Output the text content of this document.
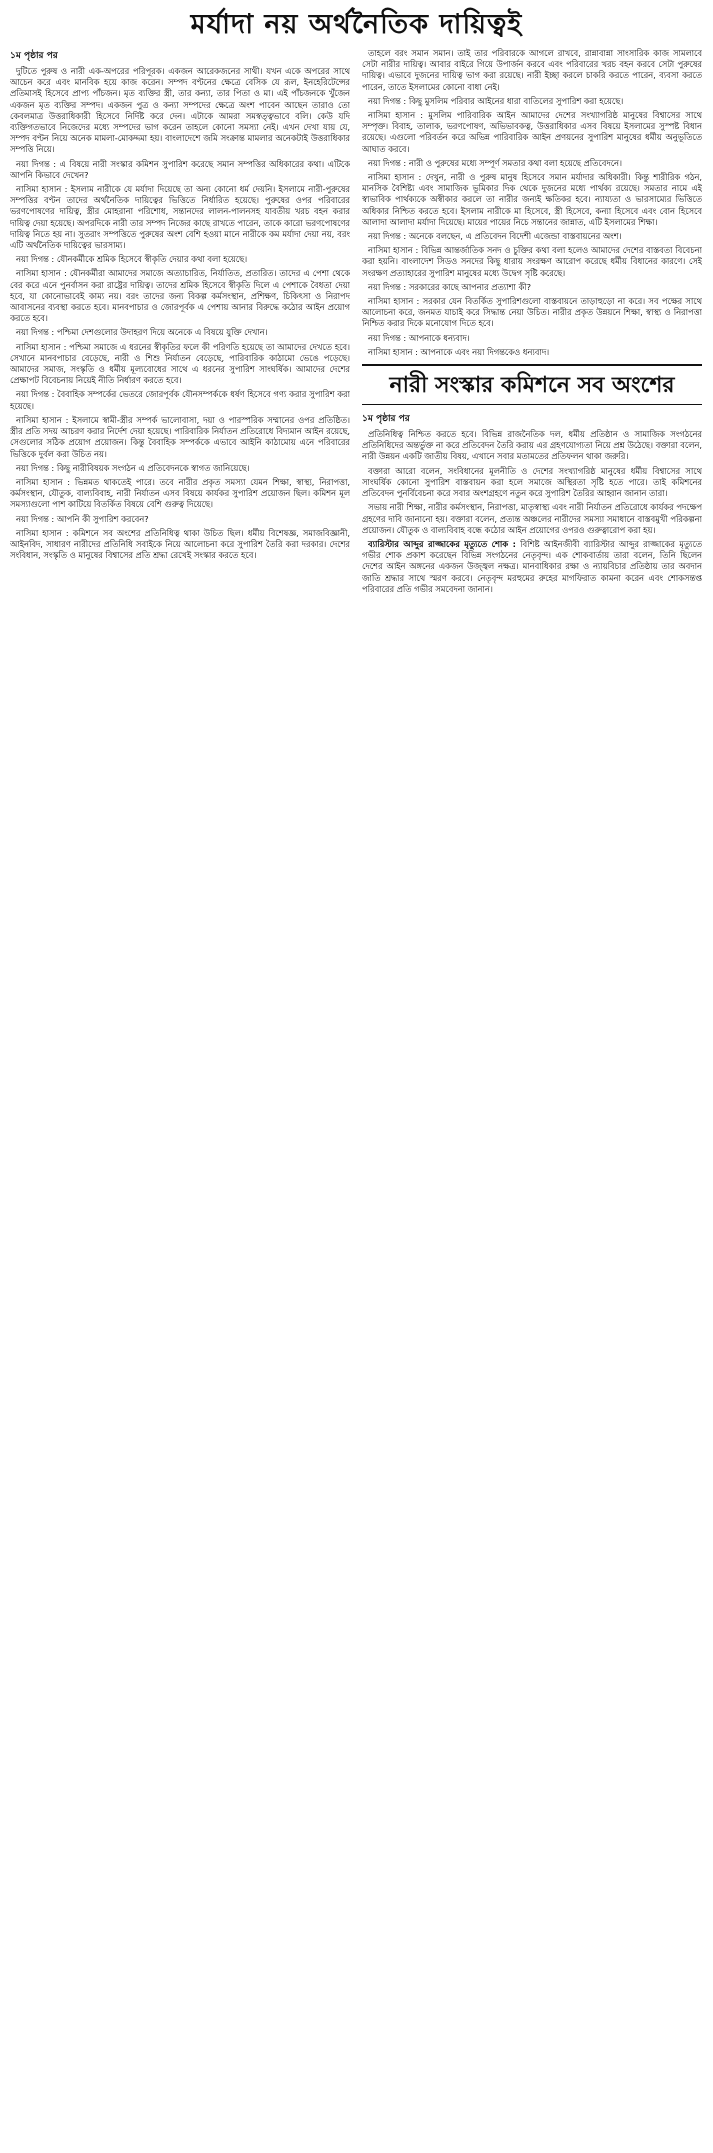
মর্যাদা নয় অর্থনৈতিক দায়িত্বই
১ম পৃষ্ঠার পর

দুটিতে পুরুষ ও নারী এক-অপরের পরিপূরক। একজন আরেকজনের সাথী। যখন একে অপরের সাথে আচেন করে এবং মানবিক হয়ে কাজ করেন। সম্পদ বণ্টনের ক্ষেত্রে বেসিক যে রূল, ইনহেরিটেন্সের প্রতিমাসই হিসেবে প্রাপ্য পাঁচজন। মৃত ব্যক্তির স্ত্রী, তার কন্যা, তার পিতা ও মা। এই পাঁচজনকে খুঁজেন একজন মৃত ব্যক্তির সম্পদ। একজন পুত্র ও কন্যা সম্পদের ক্ষেত্রে অংশ পাবেন আছেন তারাও তো কেবলমাত্র উত্তরাধিকারী হিসেবে নির্দিষ্ট করে দেন। এটাকে আমরা সমস্বত্ত্বভাবে বলি। কেউ যদি ব্যক্তিগতভাবে নিজেদের মধ্যে সম্পদের ভাগ করেন তাহলে কোনো সমস্যা নেই। এখন দেখা যায় যে, সম্পদ বণ্টন নিয়ে অনেক মামলা-মোকদ্দমা হয়। বাংলাদেশে জমি সংক্রান্ত মামলার অনেকটাই উত্তরাধিকার সম্পত্তি নিয়ে।

নয়া দিগন্ত : এ বিষয়ে নারী সংস্কার কমিশন সুপারিশ করেছে সমান সম্পত্তির অধিকারের কথা। এটিকে আপনি কিভাবে দেখেন?

নাসিমা হাসান : ইসলাম নারীকে যে মর্যাদা দিয়েছে তা অন্য কোনো ধর্ম দেয়নি। ইসলামে নারী-পুরুষের সম্পত্তির বণ্টন তাদের অর্থনৈতিক দায়িত্বের ভিত্তিতে নির্ধারিত হয়েছে। পুরুষের ওপর পরিবারের ভরণপোষণের দায়িত্ব, স্ত্রীর মোহরানা পরিশোধ, সন্তানদের লালন-পালনসহ যাবতীয় খরচ বহন করার দায়িত্ব দেয়া হয়েছে। অপরদিকে নারী তার সম্পদ নিজের কাছে রাখতে পারেন, তাকে কারো ভরণপোষণের দায়িত্ব নিতে হয় না। সুতরাং সম্পত্তিতে পুরুষের অংশ বেশি হওয়া মানে নারীকে কম মর্যাদা দেয়া নয়, বরং এটি অর্থনৈতিক দায়িত্বের ভারসাম্য।

নয়া দিগন্ত : যৌনকর্মীকে শ্রমিক হিসেবে স্বীকৃতি দেয়ার কথা বলা হয়েছে।

নাসিমা হাসান : যৌনকর্মীরা আমাদের সমাজে অত্যাচারিত, নির্যাতিত, প্রতারিত। তাদের এ পেশা থেকে বের করে এনে পুনর্বাসন করা রাষ্ট্রের দায়িত্ব। তাদের শ্রমিক হিসেবে স্বীকৃতি দিলে এ পেশাকে বৈধতা দেয়া হবে, যা কোনোভাবেই কাম্য নয়। বরং তাদের জন্য বিকল্প কর্মসংস্থান, প্রশিক্ষণ, চিকিৎসা ও নিরাপদ আবাসনের ব্যবস্থা করতে হবে। মানবপাচার ও জোরপূর্বক এ পেশায় আনার বিরুদ্ধে কঠোর আইন প্রয়োগ করতে হবে।

নয়া দিগন্ত : পশ্চিমা দেশগুলোর উদাহরণ দিয়ে অনেকে এ বিষয়ে যুক্তি দেখান।

নাসিমা হাসান : পশ্চিমা সমাজে এ ধরনের স্বীকৃতির ফলে কী পরিণতি হয়েছে তা আমাদের দেখতে হবে। সেখানে মানবপাচার বেড়েছে, নারী ও শিশু নির্যাতন বেড়েছে, পারিবারিক কাঠামো ভেঙে পড়েছে। আমাদের সমাজ, সংস্কৃতি ও ধর্মীয় মূল্যবোধের সাথে এ ধরনের সুপারিশ সাংঘর্ষিক। আমাদের দেশের প্রেক্ষাপট বিবেচনায় নিয়েই নীতি নির্ধারণ করতে হবে।

নয়া দিগন্ত : বৈবাহিক সম্পর্কের ভেতরে জোরপূর্বক যৌনসম্পর্ককে ধর্ষণ হিসেবে গণ্য করার সুপারিশ করা হয়েছে।

নাসিমা হাসান : ইসলামে স্বামী-স্ত্রীর সম্পর্ক ভালোবাসা, দয়া ও পারস্পরিক সম্মানের ওপর প্রতিষ্ঠিত। স্ত্রীর প্রতি সদয় আচরণ করার নির্দেশ দেয়া হয়েছে। পারিবারিক নির্যাতন প্রতিরোধে বিদ্যমান আইন রয়েছে, সেগুলোর সঠিক প্রয়োগ প্রয়োজন। কিন্তু বৈবাহিক সম্পর্ককে এভাবে আইনি কাঠামোয় এনে পরিবারের ভিত্তিকে দুর্বল করা উচিত নয়।

নয়া দিগন্ত : কিছু নারীবিষয়ক সংগঠন এ প্রতিবেদনকে স্বাগত জানিয়েছে।

নাসিমা হাসান : ভিন্নমত থাকতেই পারে। তবে নারীর প্রকৃত সমস্যা যেমন শিক্ষা, স্বাস্থ্য, নিরাপত্তা, কর্মসংস্থান, যৌতুক, বাল্যবিবাহ, নারী নির্যাতন এসব বিষয়ে কার্যকর সুপারিশ প্রয়োজন ছিল। কমিশন মূল সমস্যাগুলো পাশ কাটিয়ে বিতর্কিত বিষয়ে বেশি গুরুত্ব দিয়েছে।

নয়া দিগন্ত : আপনি কী সুপারিশ করবেন?

নাসিমা হাসান : কমিশনে সব অংশের প্রতিনিধিত্ব থাকা উচিত ছিল। ধর্মীয় বিশেষজ্ঞ, সমাজবিজ্ঞানী, আইনবিদ, সাধারণ নারীদের প্রতিনিধি সবাইকে নিয়ে আলোচনা করে সুপারিশ তৈরি করা দরকার। দেশের সংবিধান, সংস্কৃতি ও মানুষের বিশ্বাসের প্রতি শ্রদ্ধা রেখেই সংস্কার করতে হবে।

তাহলে বরং সমান সমান। তাই তার পরিবারকে আগলে রাখবে, রান্নাবান্না সাংসারিক কাজ সামলাবে সেটা নারীর দায়িত্ব। আবার বাইরে গিয়ে উপার্জন করবে এবং পরিবারের খরচ বহন করবে সেটা পুরুষের দায়িত্ব। এভাবে দুজনের দায়িত্ব ভাগ করা রয়েছে। নারী ইচ্ছা করলে চাকরি করতে পারেন, ব্যবসা করতে পারেন, তাতে ইসলামের কোনো বাধা নেই।

নয়া দিগন্ত : কিছু মুসলিম পরিবার আইনের ধারা বাতিলের সুপারিশ করা হয়েছে।

নাসিমা হাসান : মুসলিম পারিবারিক আইন আমাদের দেশের সংখ্যাগরিষ্ঠ মানুষের বিশ্বাসের সাথে সম্পৃক্ত। বিবাহ, তালাক, ভরণপোষণ, অভিভাবকত্ব, উত্তরাধিকার এসব বিষয়ে ইসলামের সুস্পষ্ট বিধান রয়েছে। এগুলো পরিবর্তন করে অভিন্ন পারিবারিক আইন প্রণয়নের সুপারিশ মানুষের ধর্মীয় অনুভূতিতে আঘাত করবে।

নয়া দিগন্ত : নারী ও পুরুষের মধ্যে সম্পূর্ণ সমতার কথা বলা হয়েছে প্রতিবেদনে।

নাসিমা হাসান : দেখুন, নারী ও পুরুষ মানুষ হিসেবে সমান মর্যাদার অধিকারী। কিন্তু শারীরিক গঠন, মানসিক বৈশিষ্ট্য এবং সামাজিক ভূমিকার দিক থেকে দুজনের মধ্যে পার্থক্য রয়েছে। সমতার নামে এই স্বাভাবিক পার্থক্যকে অস্বীকার করলে তা নারীর জন্যই ক্ষতিকর হবে। ন্যায্যতা ও ভারসাম্যের ভিত্তিতে অধিকার নিশ্চিত করতে হবে। ইসলাম নারীকে মা হিসেবে, স্ত্রী হিসেবে, কন্যা হিসেবে এবং বোন হিসেবে আলাদা আলাদা মর্যাদা দিয়েছে। মায়ের পায়ের নিচে সন্তানের জান্নাত, এটি ইসলামের শিক্ষা।

নয়া দিগন্ত : অনেকে বলছেন, এ প্রতিবেদন বিদেশী এজেন্ডা বাস্তবায়নের অংশ।

নাসিমা হাসান : বিভিন্ন আন্তর্জাতিক সনদ ও চুক্তির কথা বলা হলেও আমাদের দেশের বাস্তবতা বিবেচনা করা হয়নি। বাংলাদেশ সিডও সনদের কিছু ধারায় সংরক্ষণ আরোপ করেছে ধর্মীয় বিধানের কারণে। সেই সংরক্ষণ প্রত্যাহারের সুপারিশ মানুষের মধ্যে উদ্বেগ সৃষ্টি করেছে।

নয়া দিগন্ত : সরকারের কাছে আপনার প্রত্যাশা কী?

নাসিমা হাসান : সরকার যেন বিতর্কিত সুপারিশগুলো বাস্তবায়নে তাড়াহুড়ো না করে। সব পক্ষের সাথে আলোচনা করে, জনমত যাচাই করে সিদ্ধান্ত নেয়া উচিত। নারীর প্রকৃত উন্নয়নে শিক্ষা, স্বাস্থ্য ও নিরাপত্তা নিশ্চিত করার দিকে মনোযোগ দিতে হবে।

নয়া দিগন্ত : আপনাকে ধন্যবাদ।

নাসিমা হাসান : আপনাকে এবং নয়া দিগন্তকেও ধন্যবাদ।

নারী সংস্কার কমিশনে সব অংশের
১ম পৃষ্ঠার পর

প্রতিনিধিত্ব নিশ্চিত করতে হবে। বিভিন্ন রাজনৈতিক দল, ধর্মীয় প্রতিষ্ঠান ও সামাজিক সংগঠনের প্রতিনিধিদের অন্তর্ভুক্ত না করে প্রতিবেদন তৈরি করায় এর গ্রহণযোগ্যতা নিয়ে প্রশ্ন উঠেছে। বক্তারা বলেন, নারী উন্নয়ন একটি জাতীয় বিষয়, এখানে সবার মতামতের প্রতিফলন থাকা জরুরি।

বক্তারা আরো বলেন, সংবিধানের মূলনীতি ও দেশের সংখ্যাগরিষ্ঠ মানুষের ধর্মীয় বিশ্বাসের সাথে সাংঘর্ষিক কোনো সুপারিশ বাস্তবায়ন করা হলে সমাজে অস্থিরতা সৃষ্টি হতে পারে। তাই কমিশনের প্রতিবেদন পুনর্বিবেচনা করে সবার অংশগ্রহণে নতুন করে সুপারিশ তৈরির আহ্বান জানান তারা।

সভায় নারী শিক্ষা, নারীর কর্মসংস্থান, নিরাপত্তা, মাতৃস্বাস্থ্য এবং নারী নির্যাতন প্রতিরোধে কার্যকর পদক্ষেপ গ্রহণের দাবি জানানো হয়। বক্তারা বলেন, প্রত্যন্ত অঞ্চলের নারীদের সমস্যা সমাধানে বাস্তবমুখী পরিকল্পনা প্রয়োজন। যৌতুক ও বাল্যবিবাহ বন্ধে কঠোর আইন প্রয়োগের ওপরও গুরুত্বারোপ করা হয়।

ব্যারিস্টার আব্দুর রাজ্জাকের মৃত্যুতে শোক : বিশিষ্ট আইনজীবী ব্যারিস্টার আব্দুর রাজ্জাকের মৃত্যুতে গভীর শোক প্রকাশ করেছেন বিভিন্ন সংগঠনের নেতৃবৃন্দ। এক শোকবার্তায় তারা বলেন, তিনি ছিলেন দেশের আইন অঙ্গনের একজন উজ্জ্বল নক্ষত্র। মানবাধিকার রক্ষা ও ন্যায়বিচার প্রতিষ্ঠায় তার অবদান জাতি শ্রদ্ধার সাথে স্মরণ করবে। নেতৃবৃন্দ মরহুমের রুহের মাগফিরাত কামনা করেন এবং শোকসন্তপ্ত পরিবারের প্রতি গভীর সমবেদনা জানান।
